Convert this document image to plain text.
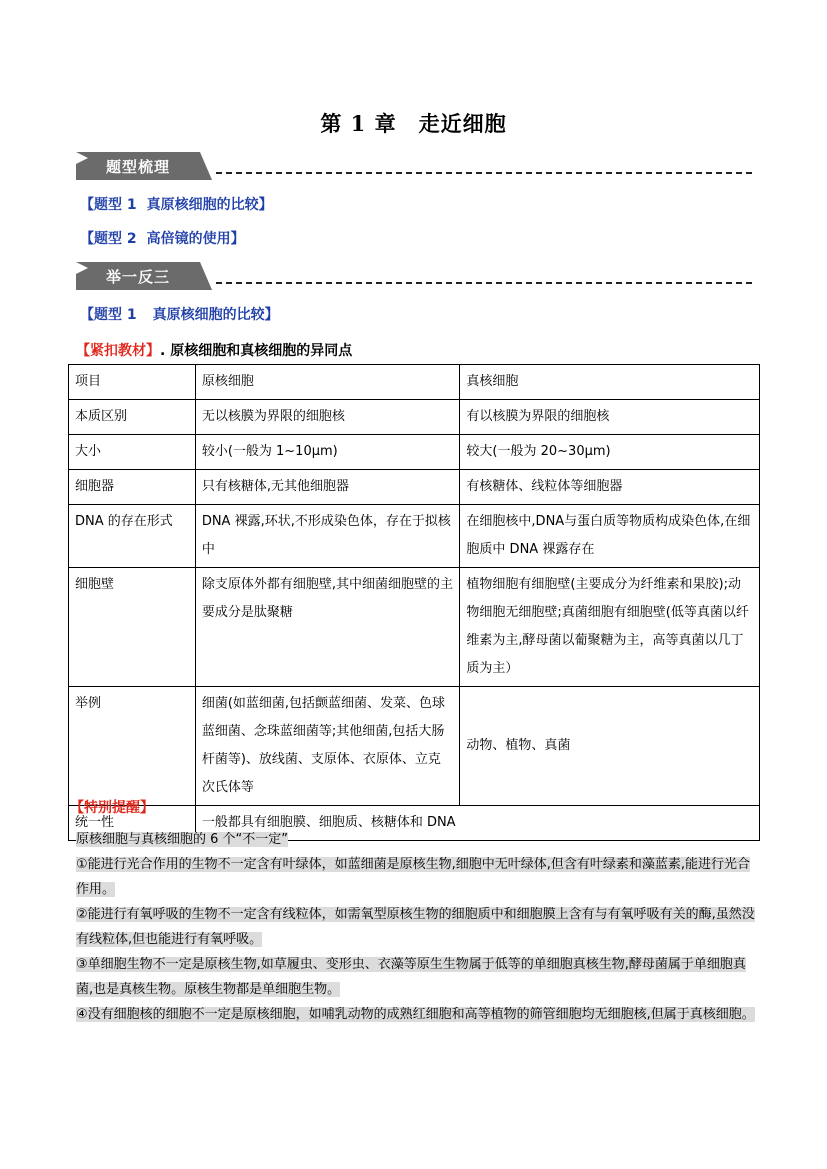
第 1 章　走近细胞
题型梳理
【题型 1 真原核细胞的比较】
【题型 2 高倍镜的使用】
举一反三
【题型 1 真原核细胞的比较】
【紧扣教材】. 原核细胞和真核细胞的异同点
项目	原核细胞	真核细胞
本质区别	无以核膜为界限的细胞核	有以核膜为界限的细胞核
大小	较小(一般为 1~10μm)	较大(一般为 20~30μm)
细胞器	只有核糖体,无其他细胞器	有核糖体、线粒体等细胞器
DNA 的存在形式	DNA 裸露,环状,不形成染色体，存在于拟核中	在细胞核中,DNA与蛋白质等物质构成染色体,在细胞质中 DNA 裸露存在
细胞壁	除支原体外都有细胞壁,其中细菌细胞壁的主要成分是肽聚糖	植物细胞有细胞壁(主要成分为纤维素和果胶);动物细胞无细胞壁;真菌细胞有细胞壁(低等真菌以纤维素为主,酵母菌以葡聚糖为主，高等真菌以几丁质为主）
举例	细菌(如蓝细菌,包括颤蓝细菌、发菜、色球蓝细菌、念珠蓝细菌等;其他细菌,包括大肠杆菌等)、放线菌、支原体、衣原体、立克次氏体等	动物、植物、真菌
统一性	一般都具有细胞膜、细胞质、核糖体和 DNA	
【特别提醒】

原核细胞与真核细胞的 6 个“不一定”

①能进行光合作用的生物不一定含有叶绿体，如蓝细菌是原核生物,细胞中无叶绿体,但含有叶绿素和藻蓝素,能进行光合作用。

②能进行有氧呼吸的生物不一定含有线粒体，如需氧型原核生物的细胞质中和细胞膜上含有与有氧呼吸有关的酶,虽然没有线粒体,但也能进行有氧呼吸。

③单细胞生物不一定是原核生物,如草履虫、变形虫、衣藻等原生生物属于低等的单细胞真核生物,酵母菌属于单细胞真菌,也是真核生物。原核生物都是单细胞生物。

④没有细胞核的细胞不一定是原核细胞，如哺乳动物的成熟红细胞和高等植物的筛管细胞均无细胞核,但属于真核细胞。
